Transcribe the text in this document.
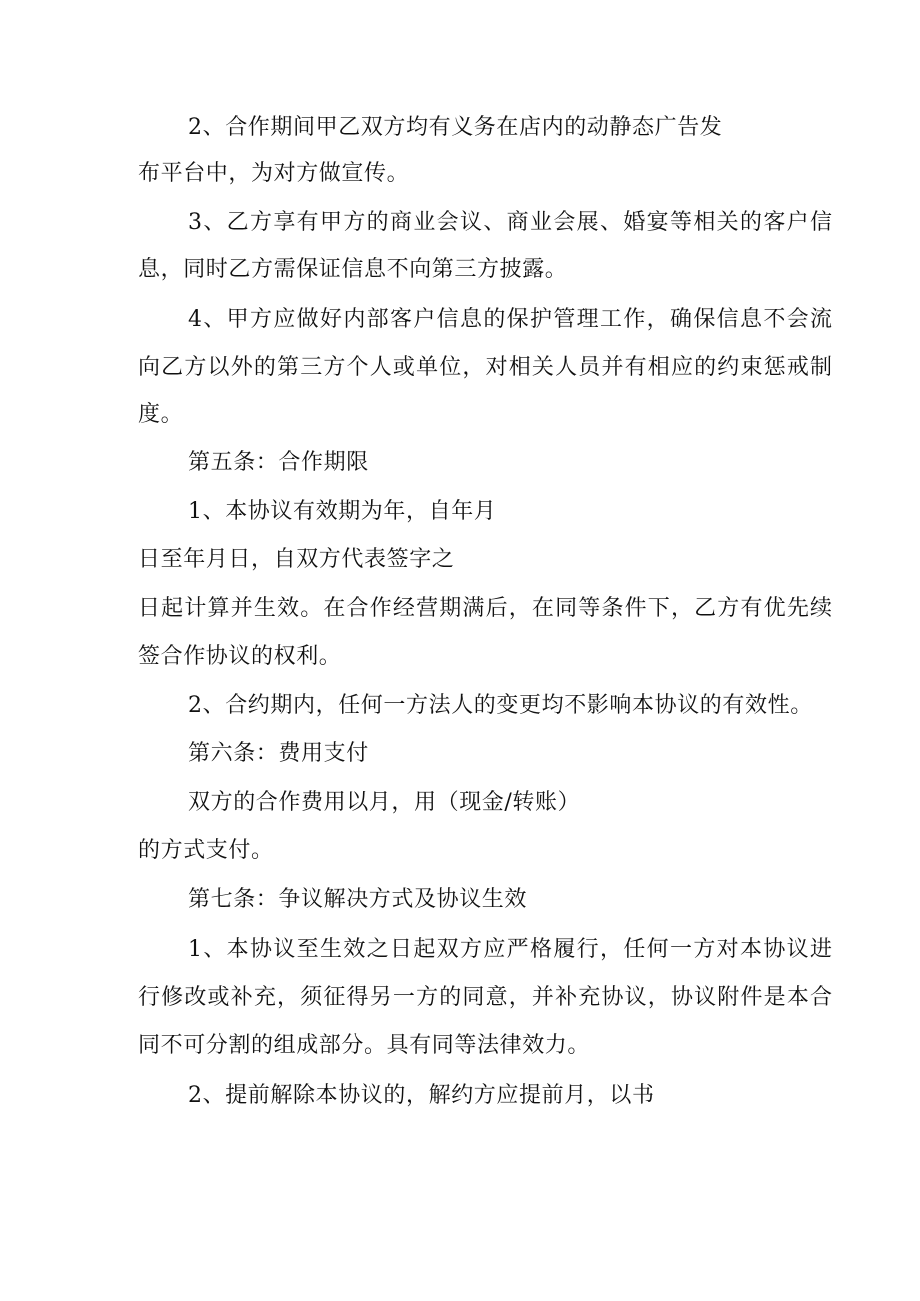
2、合作期间甲乙双方均有义务在店内的动静态广告发
布平台中，为对方做宣传。
3、乙方享有甲方的商业会议、商业会展、婚宴等相关的客户信
息，同时乙方需保证信息不向第三方披露。
4、甲方应做好内部客户信息的保护管理工作，确保信息不会流
向乙方以外的第三方个人或单位，对相关人员并有相应的约束惩戒制
度。
第五条：合作期限
1、本协议有效期为年，自年月
日至年月日，自双方代表签字之
日起计算并生效。在合作经营期满后，在同等条件下，乙方有优先续
签合作协议的权利。
2、合约期内，任何一方法人的变更均不影响本协议的有效性。
第六条：费用支付
双方的合作费用以月，用（现金/转账）
的方式支付。
第七条：争议解决方式及协议生效
1、本协议至生效之日起双方应严格履行，任何一方对本协议进
行修改或补充，须征得另一方的同意，并补充协议，协议附件是本合
同不可分割的组成部分。具有同等法律效力。
2、提前解除本协议的，解约方应提前月，以书
